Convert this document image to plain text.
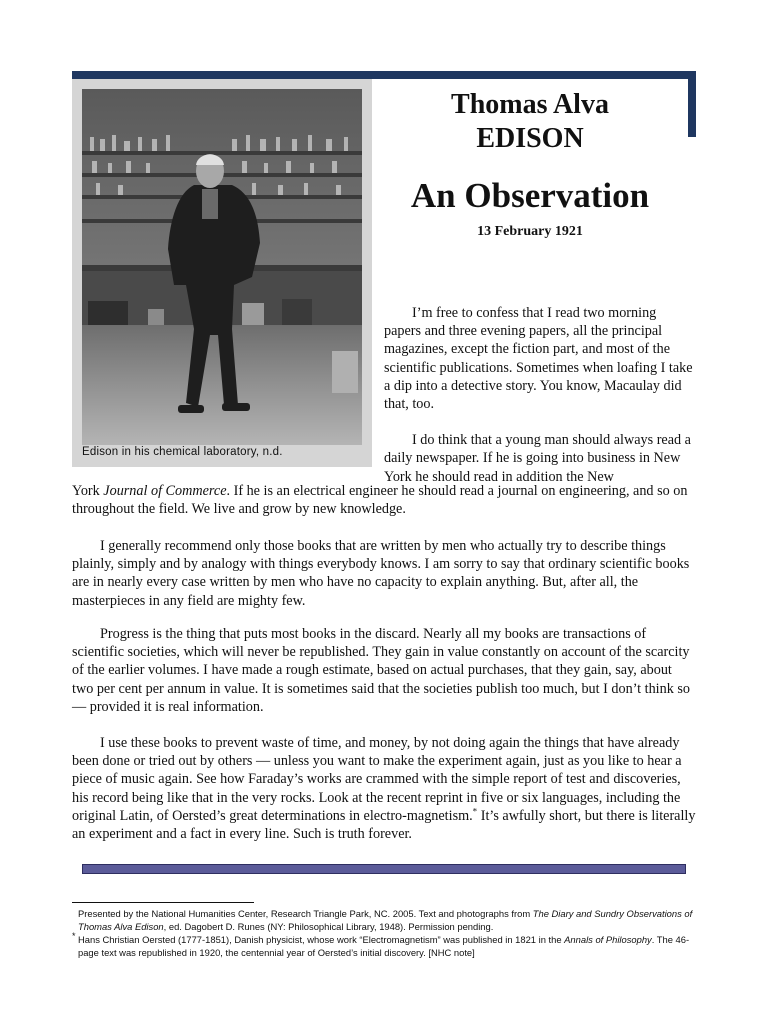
Edison in his chemical laboratory, n.d.
Thomas Alva
EDISON
An Observation
13 February 1921

I’m free to confess that I read two morning papers and three evening papers, all the principal magazines, except the fiction part, and most of the scientific publications. Sometimes when loafing I take a dip into a detective story. You know, Macaulay did that, too.

I do think that a young man should always read a daily newspaper. If he is going into business in New York he should read in addition the New

York Journal of Commerce. If he is an electrical engineer he should read a journal on engineering, and so on throughout the field. We live and grow by new knowledge.

I generally recommend only those books that are written by men who actually try to describe things plainly, simply and by analogy with things everybody knows. I am sorry to say that ordinary scientific books are in nearly every case written by men who have no capacity to explain anything. But, after all, the masterpieces in any field are mighty few.

Progress is the thing that puts most books in the discard. Nearly all my books are transactions of scientific societies, which will never be republished. They gain in value constantly on account of the scarcity of the earlier volumes. I have made a rough estimate, based on actual purchases, that they gain, say, about two per cent per annum in value. It is sometimes said that the societies publish too much, but I don’t think so — provided it is real information.

I use these books to prevent waste of time, and money, by not doing again the things that have already been done or tried out by others — unless you want to make the experiment again, just as you like to hear a piece of music again. See how Faraday’s works are crammed with the simple report of test and discoveries, his record being like that in the very rocks. Look at the recent reprint in five or six languages, including the original Latin, of Oersted’s great determinations in electro-magnetism.* It’s awfully short, but there is literally an experiment and a fact in every line. Such is truth forever.

Presented by the National Humanities Center, Research Triangle Park, NC. 2005. Text and photographs from The Diary and Sundry Observations of Thomas Alva Edison, ed. Dagobert D. Runes (NY: Philosophical Library, 1948). Permission pending.
* Hans Christian Oersted (1777-1851), Danish physicist, whose work “Electromagnetism” was published in 1821 in the Annals of Philosophy. The 46-page text was republished in 1920, the centennial year of Oersted’s initial discovery. [NHC note]
